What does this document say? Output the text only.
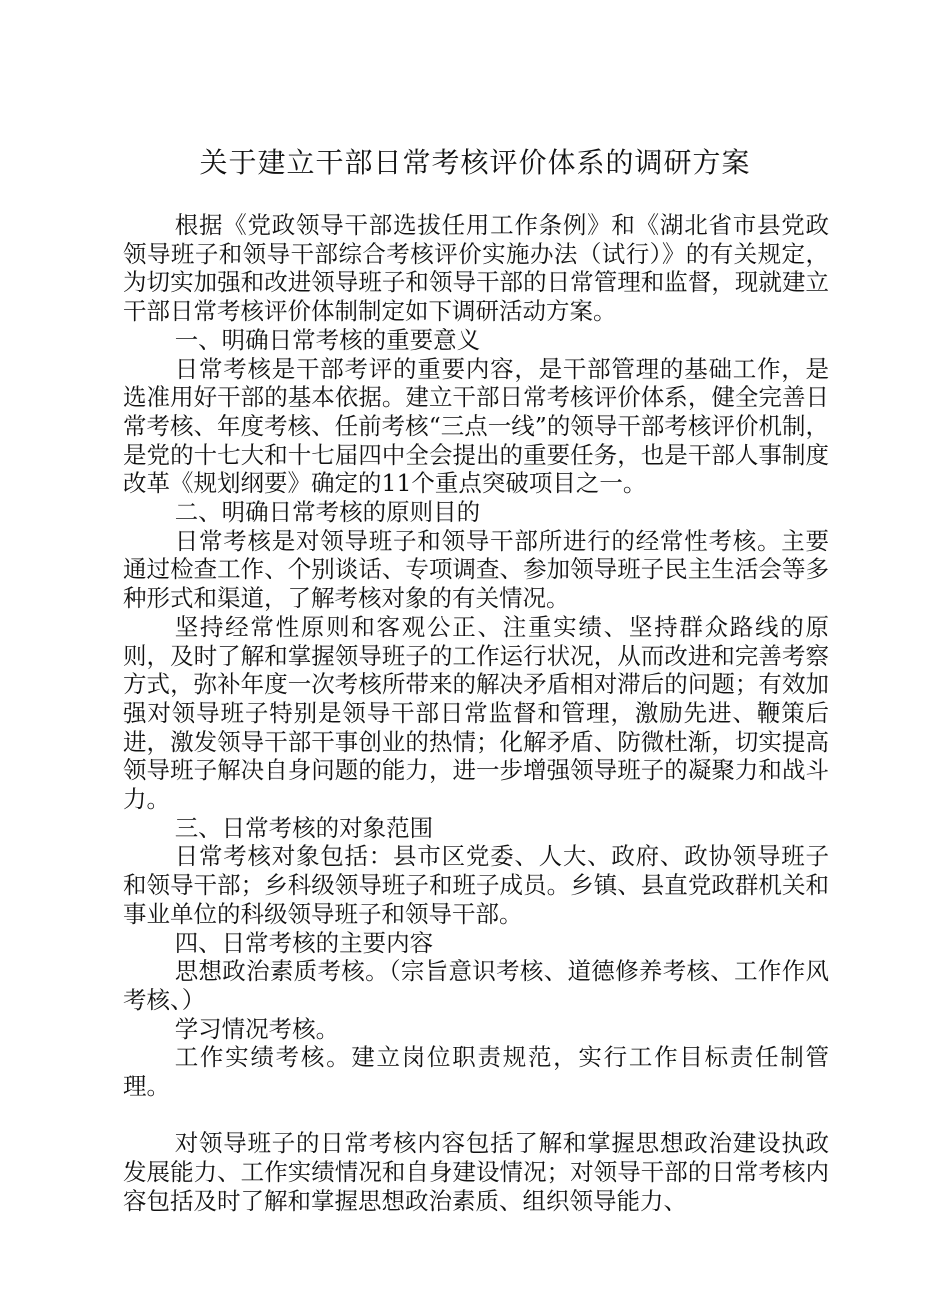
关于建立干部日常考核评价体系的调研方案

根据《党政领导干部选拔任用工作条例》和《湖北省市县党政领导班子和领导干部综合考核评价实施办法（试行）》的有关规定，为切实加强和改进领导班子和领导干部的日常管理和监督，现就建立干部日常考核评价体制制定如下调研活动方案。

一、明确日常考核的重要意义

日常考核是干部考评的重要内容，是干部管理的基础工作，是选准用好干部的基本依据。建立干部日常考核评价体系，健全完善日常考核、年度考核、任前考核“三点一线”的领导干部考核评价机制，是党的十七大和十七届四中全会提出的重要任务，也是干部人事制度改革《规划纲要》确定的11个重点突破项目之一。

二、明确日常考核的原则目的

日常考核是对领导班子和领导干部所进行的经常性考核。主要通过检查工作、个别谈话、专项调查、参加领导班子民主生活会等多种形式和渠道，了解考核对象的有关情况。

坚持经常性原则和客观公正、注重实绩、坚持群众路线的原则，及时了解和掌握领导班子的工作运行状况，从而改进和完善考察方式，弥补年度一次考核所带来的解决矛盾相对滞后的问题；有效加强对领导班子特别是领导干部日常监督和管理，激励先进、鞭策后进，激发领导干部干事创业的热情；化解矛盾、防微杜渐，切实提高领导班子解决自身问题的能力，进一步增强领导班子的凝聚力和战斗力。

三、日常考核的对象范围

日常考核对象包括：县市区党委、人大、政府、政协领导班子和领导干部；乡科级领导班子和班子成员。乡镇、县直党政群机关和事业单位的科级领导班子和领导干部。

四、日常考核的主要内容

思想政治素质考核。（宗旨意识考核、道德修养考核、工作作风考核、）

学习情况考核。

工作实绩考核。建立岗位职责规范，实行工作目标责任制管理。

对领导班子的日常考核内容包括了解和掌握思想政治建设执政发展能力、工作实绩情况和自身建设情况；对领导干部的日常考核内容包括及时了解和掌握思想政治素质、组织领导能力、
